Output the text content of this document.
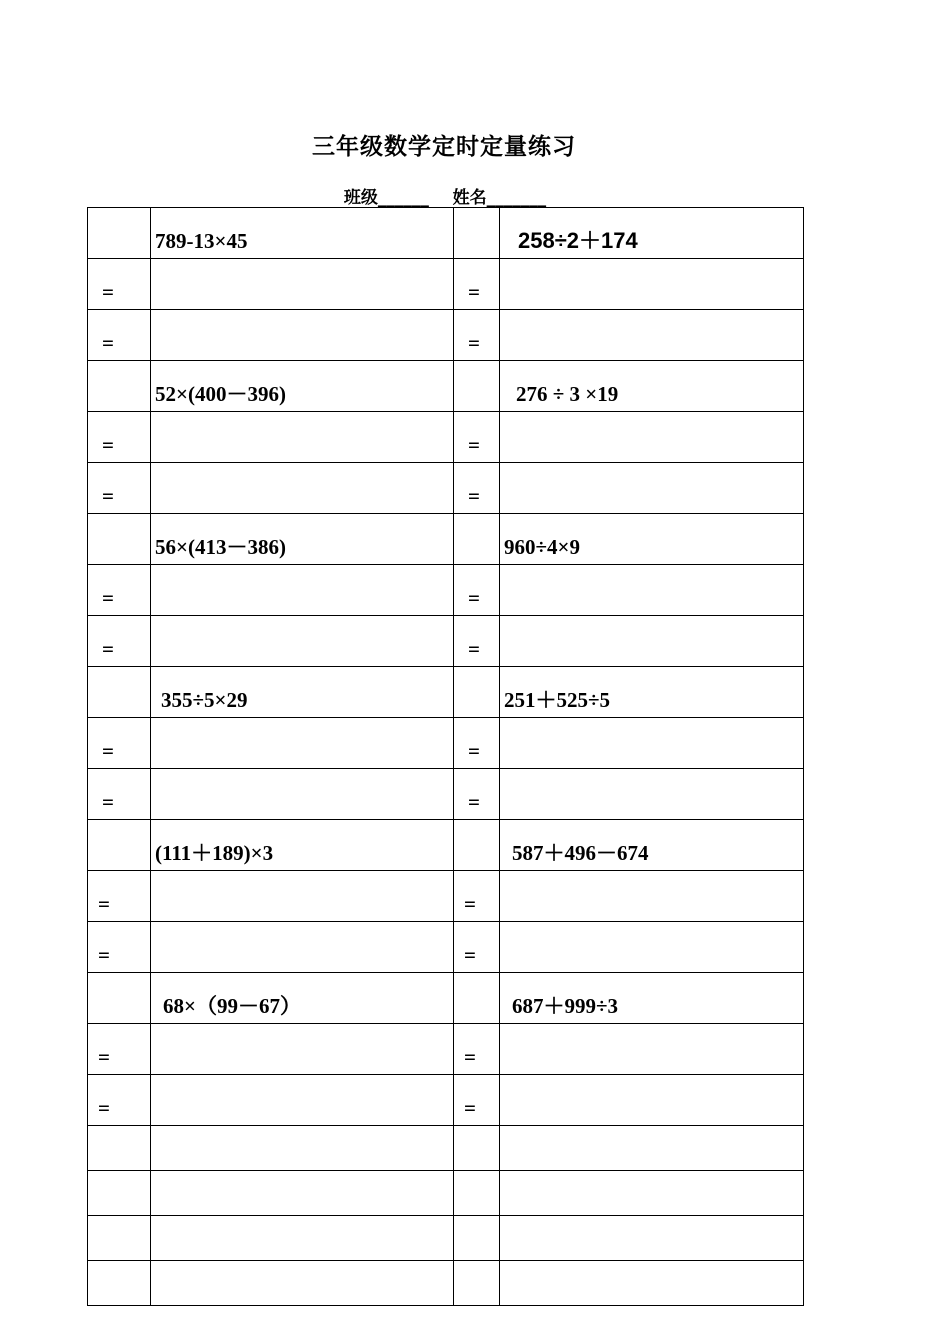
三年级数学定时定量练习
班级______ 姓名_______
	789-13×45		258÷2＋174
=		=	
=		=	
	52×(400－396)		276 ÷ 3 ×19
=		=	
=		=	
	56×(413－386)		960÷4×9
=		=	
=		=	
	355÷5×29		251＋525÷5
=		=	
=		=	
	(111＋189)×3		587＋496－674
=		=	
=		=	
	68×（99－67）		687＋999÷3
=		=	
=		=	
